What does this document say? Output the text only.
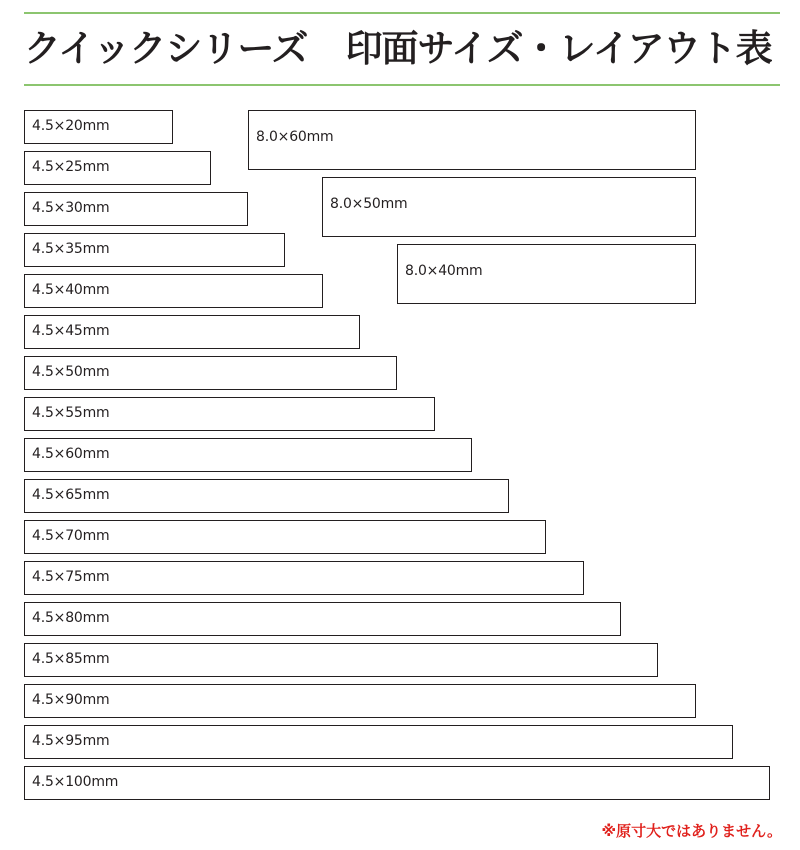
クイックシリーズ 印面サイズ・レイアウト表
4.5×20mm
4.5×25mm
4.5×30mm
4.5×35mm
4.5×40mm
4.5×45mm
4.5×50mm
4.5×55mm
4.5×60mm
4.5×65mm
4.5×70mm
4.5×75mm
4.5×80mm
4.5×85mm
4.5×90mm
4.5×95mm
4.5×100mm
8.0×60mm
8.0×50mm
8.0×40mm
※原寸大ではありません。
